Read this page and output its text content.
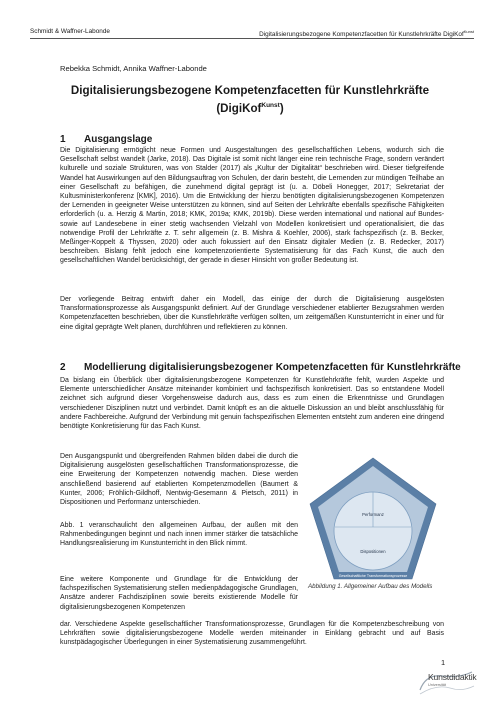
Schmidt & Waffner-Labonde	Digitalisierungsbezogene Kompetenzfacetten für Kunstlehrkräfte DigiKof$^{Kunst}$
Rebekka Schmidt, Annika Waffner-Labonde
Digitalisierungsbezogene Kompetenzfacetten für Kunstlehrkräfte
(DigiKof$^{Kunst}$)
1 Ausgangslage

Die Digitalisierung ermöglicht neue Formen und Ausgestaltungen des gesellschaftlichen Lebens, wodurch sich die Gesellschaft selbst wandelt (Jarke, 2018). Das Digitale ist somit nicht länger eine rein technische Frage, sondern verändert kulturelle und soziale Strukturen, was von Stalder (2017) als „Kultur der Digitalität“ beschrieben wird. Dieser tiefgreifende Wandel hat Auswirkungen auf den Bildungsauftrag von Schulen, der darin besteht, die Lernenden zur mündigen Teilhabe an einer Gesellschaft zu befähigen, die zunehmend digital geprägt ist (u. a. Döbeli Honegger, 2017; Sekretariat der Kultusministerkonferenz [KMK], 2016). Um die Entwicklung der hierzu benötigten digitalisierungsbezogenen Kompetenzen der Lernenden in geeigneter Weise unterstützen zu können, sind auf Seiten der Lehrkräfte ebenfalls spezifische Fähigkeiten erforderlich (u. a. Herzig & Martin, 2018; KMK, 2019a; KMK, 2019b). Diese werden international und national auf Bundes- sowie auf Landesebene in einer stetig wachsenden Vielzahl von Modellen konkretisiert und operationalisiert, die das notwendige Profil der Lehrkräfte z. T. sehr allgemein (z. B. Mishra & Koehler, 2006), stark fachspezifisch (z. B. Becker, Meßinger-Koppelt & Thyssen, 2020) oder auch fokussiert auf den Einsatz digitaler Medien (z. B. Redecker, 2017) beschreiben. Bislang fehlt jedoch eine kompetenzorientierte Systematisierung für das Fach Kunst, die auch den gesellschaftlichen Wandel berücksichtigt, der gerade in dieser Hinsicht von großer Bedeutung ist.

Der vorliegende Beitrag entwirft daher ein Modell, das einige der durch die Digitalisierung ausgelösten Transformationsprozesse als Ausgangspunkt definiert. Auf der Grundlage verschiedener etablierter Bezugsrahmen werden Kompetenzfacetten beschrieben, über die Kunstlehrkräfte verfügen sollten, um zeitgemäßen Kunstunterricht in einer und für eine digital geprägte Welt planen, durchführen und reflektieren zu können.

2 Modellierung digitalisierungsbezogener Kompetenzfacetten für Kunstlehrkräfte

Da bislang ein Überblick über digitalisierungsbezogene Kompetenzen für Kunstlehrkräfte fehlt, wurden Aspekte und Elemente unterschiedlicher Ansätze miteinander kombiniert und fachspezifisch konkretisiert. Das so entstandene Modell zeichnet sich aufgrund dieser Vorgehensweise dadurch aus, dass es zum einen die Erkenntnisse und Grundlagen verschiedener Disziplinen nutzt und verbindet. Damit knüpft es an die aktuelle Diskussion an und bleibt anschlussfähig für andere Fachbereiche. Aufgrund der Verbindung mit genuin fachspezifischen Elementen entsteht zum anderen eine dringend benötigte Konkretisierung für das Fach Kunst.

Den Ausgangspunkt und übergreifenden Rahmen bilden dabei die durch die Digitalisierung ausgelösten gesellschaftlichen Transformationsprozesse, die eine Erweiterung der Kompetenzen notwendig machen. Diese werden anschließend basierend auf etablierten Kompetenzmodellen (Baumert & Kunter, 2006; Fröhlich-Gildhoff, Nentwig-Gesemann & Pietsch, 2011) in Dispositionen und Performanz unterschieden.

Abb. 1 veranschaulicht den allgemeinen Aufbau, der außen mit den Rahmenbedingungen beginnt und nach innen immer stärker die tatsächliche Handlungsrealisierung im Kunstunterricht in den Blick nimmt.

Eine weitere Komponente und Grundlage für die Entwicklung der fachspezifischen Systematisierung stellen medienpädagogische Grundlagen, Ansätze anderer Fachdisziplinen sowie bereits existierende Modelle für digitalisierungsbezogenen Kompetenzen

dar. Verschiedene Aspekte gesellschaftlicher Transformationsprozesse, Grundlagen für die Kompetenzbeschreibung von Lehrkräften sowie digitalisierungsbezogene Modelle werden miteinander in Einklang gebracht und auf Basis kunstpädagogischer Überlegungen in einer Systematisierung zusammengeführt.

Performanz
Dispositionen
Gesellschaftliche Transformationsprozesse
Abbildung 1. Allgemeiner Aufbau des Modells
1
Kunstdidaktik
Universität
